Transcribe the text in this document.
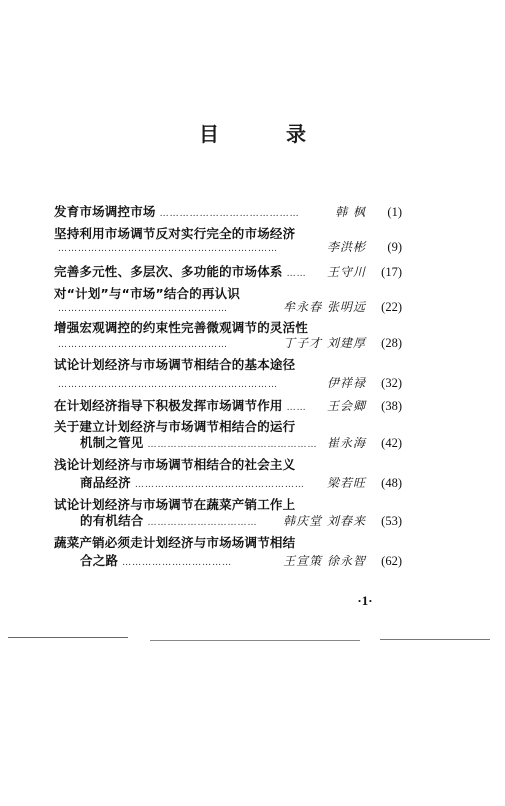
目 录
发育市场调控市场 ……………………………………	韩 枫	(1)
坚持利用市场调节反对实行完全的市场经济
…………………………………………………………	李洪彬	(9)
完善多元性、多层次、多功能的市场体系 ……	王守川	(17)
对“计划”与“市场”结合的再认识
……………………………………………	牟永春 张明远	(22)
增强宏观调控的约束性完善微观调节的灵活性
……………………………………………	丁子才 刘建厚	(28)
试论计划经济与市场调节相结合的基本途径
…………………………………………………………	伊祥禄	(32)
在计划经济指导下积极发挥市场调节作用 ……	王会卿	(38)
关于建立计划经济与市场调节相结合的运行
机制之管见 …………………………………………… 崔永海	(42)
浅论计划经济与市场调节相结合的社会主义
商品经济 ……………………………………………	梁若旺	(48)
试论计划经济与市场调节在蔬菜产销工作上
的有机结合 ……………………………	韩庆堂 刘春来	(53)
蔬菜产销必须走计划经济与市场场调节相结
合之路 ……………………………	王宣策 徐永智	(62)
·1·
